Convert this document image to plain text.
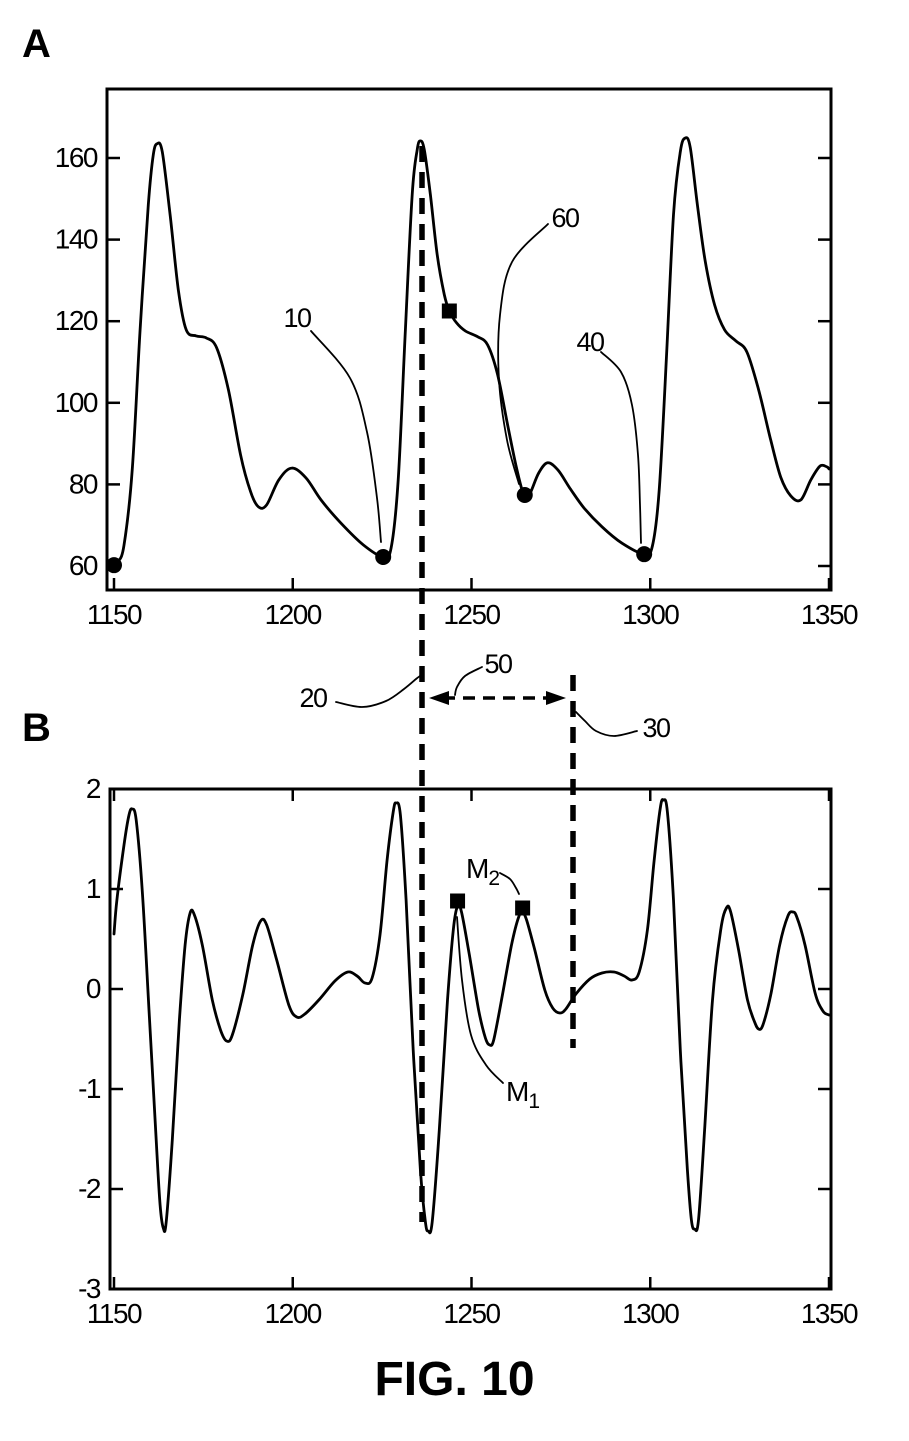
A
B
160
140
120
100
80
60
1150	1200	1250	1300	1350
2
1
0
-1
-2
-3
1150	1200	1250	1300	1350
10
60
40
20
50
30
$M_2$
$M_1$
FIG. 10
